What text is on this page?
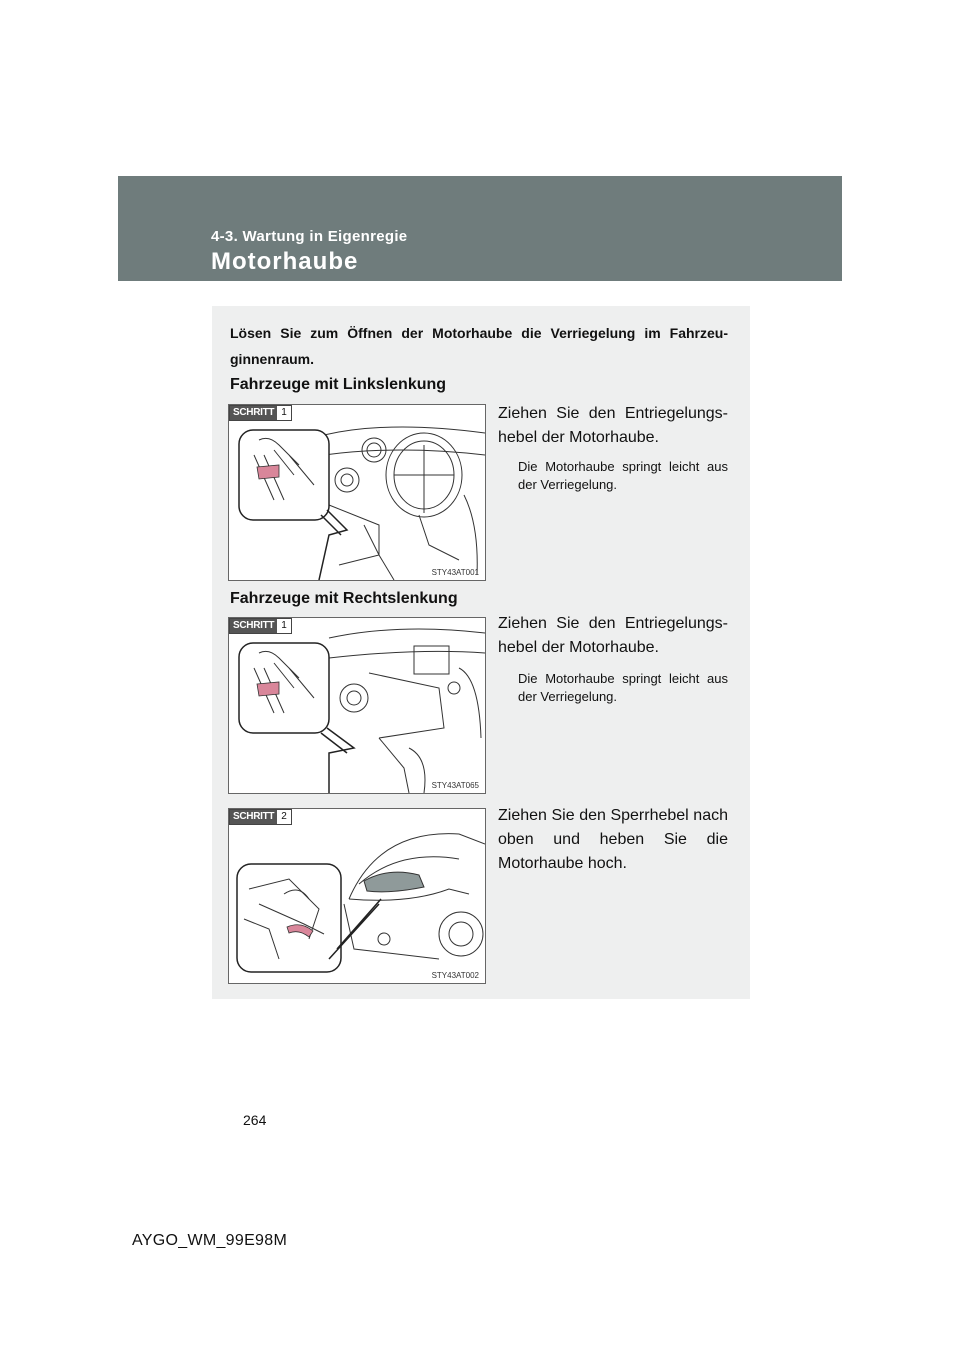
4-3. Wartung in Eigenregie
Motorhaube
Lösen Sie zum Öffnen der Motorhaube die Verriegelung im Fahrzeu-ginnenraum.
Fahrzeuge mit Linkslenkung
SCHRITT 1
STY43AT001
Ziehen Sie den Entriegelungs-hebel der Motorhaube.
Die Motorhaube springt leicht aus der Verriegelung.
Fahrzeuge mit Rechtslenkung
SCHRITT 1
STY43AT065
Ziehen Sie den Entriegelungs-hebel der Motorhaube.
Die Motorhaube springt leicht aus der Verriegelung.
SCHRITT 2
STY43AT002
Ziehen Sie den Sperrhebel nach oben und heben Sie die Motorhaube hoch.
264
AYGO_WM_99E98M
